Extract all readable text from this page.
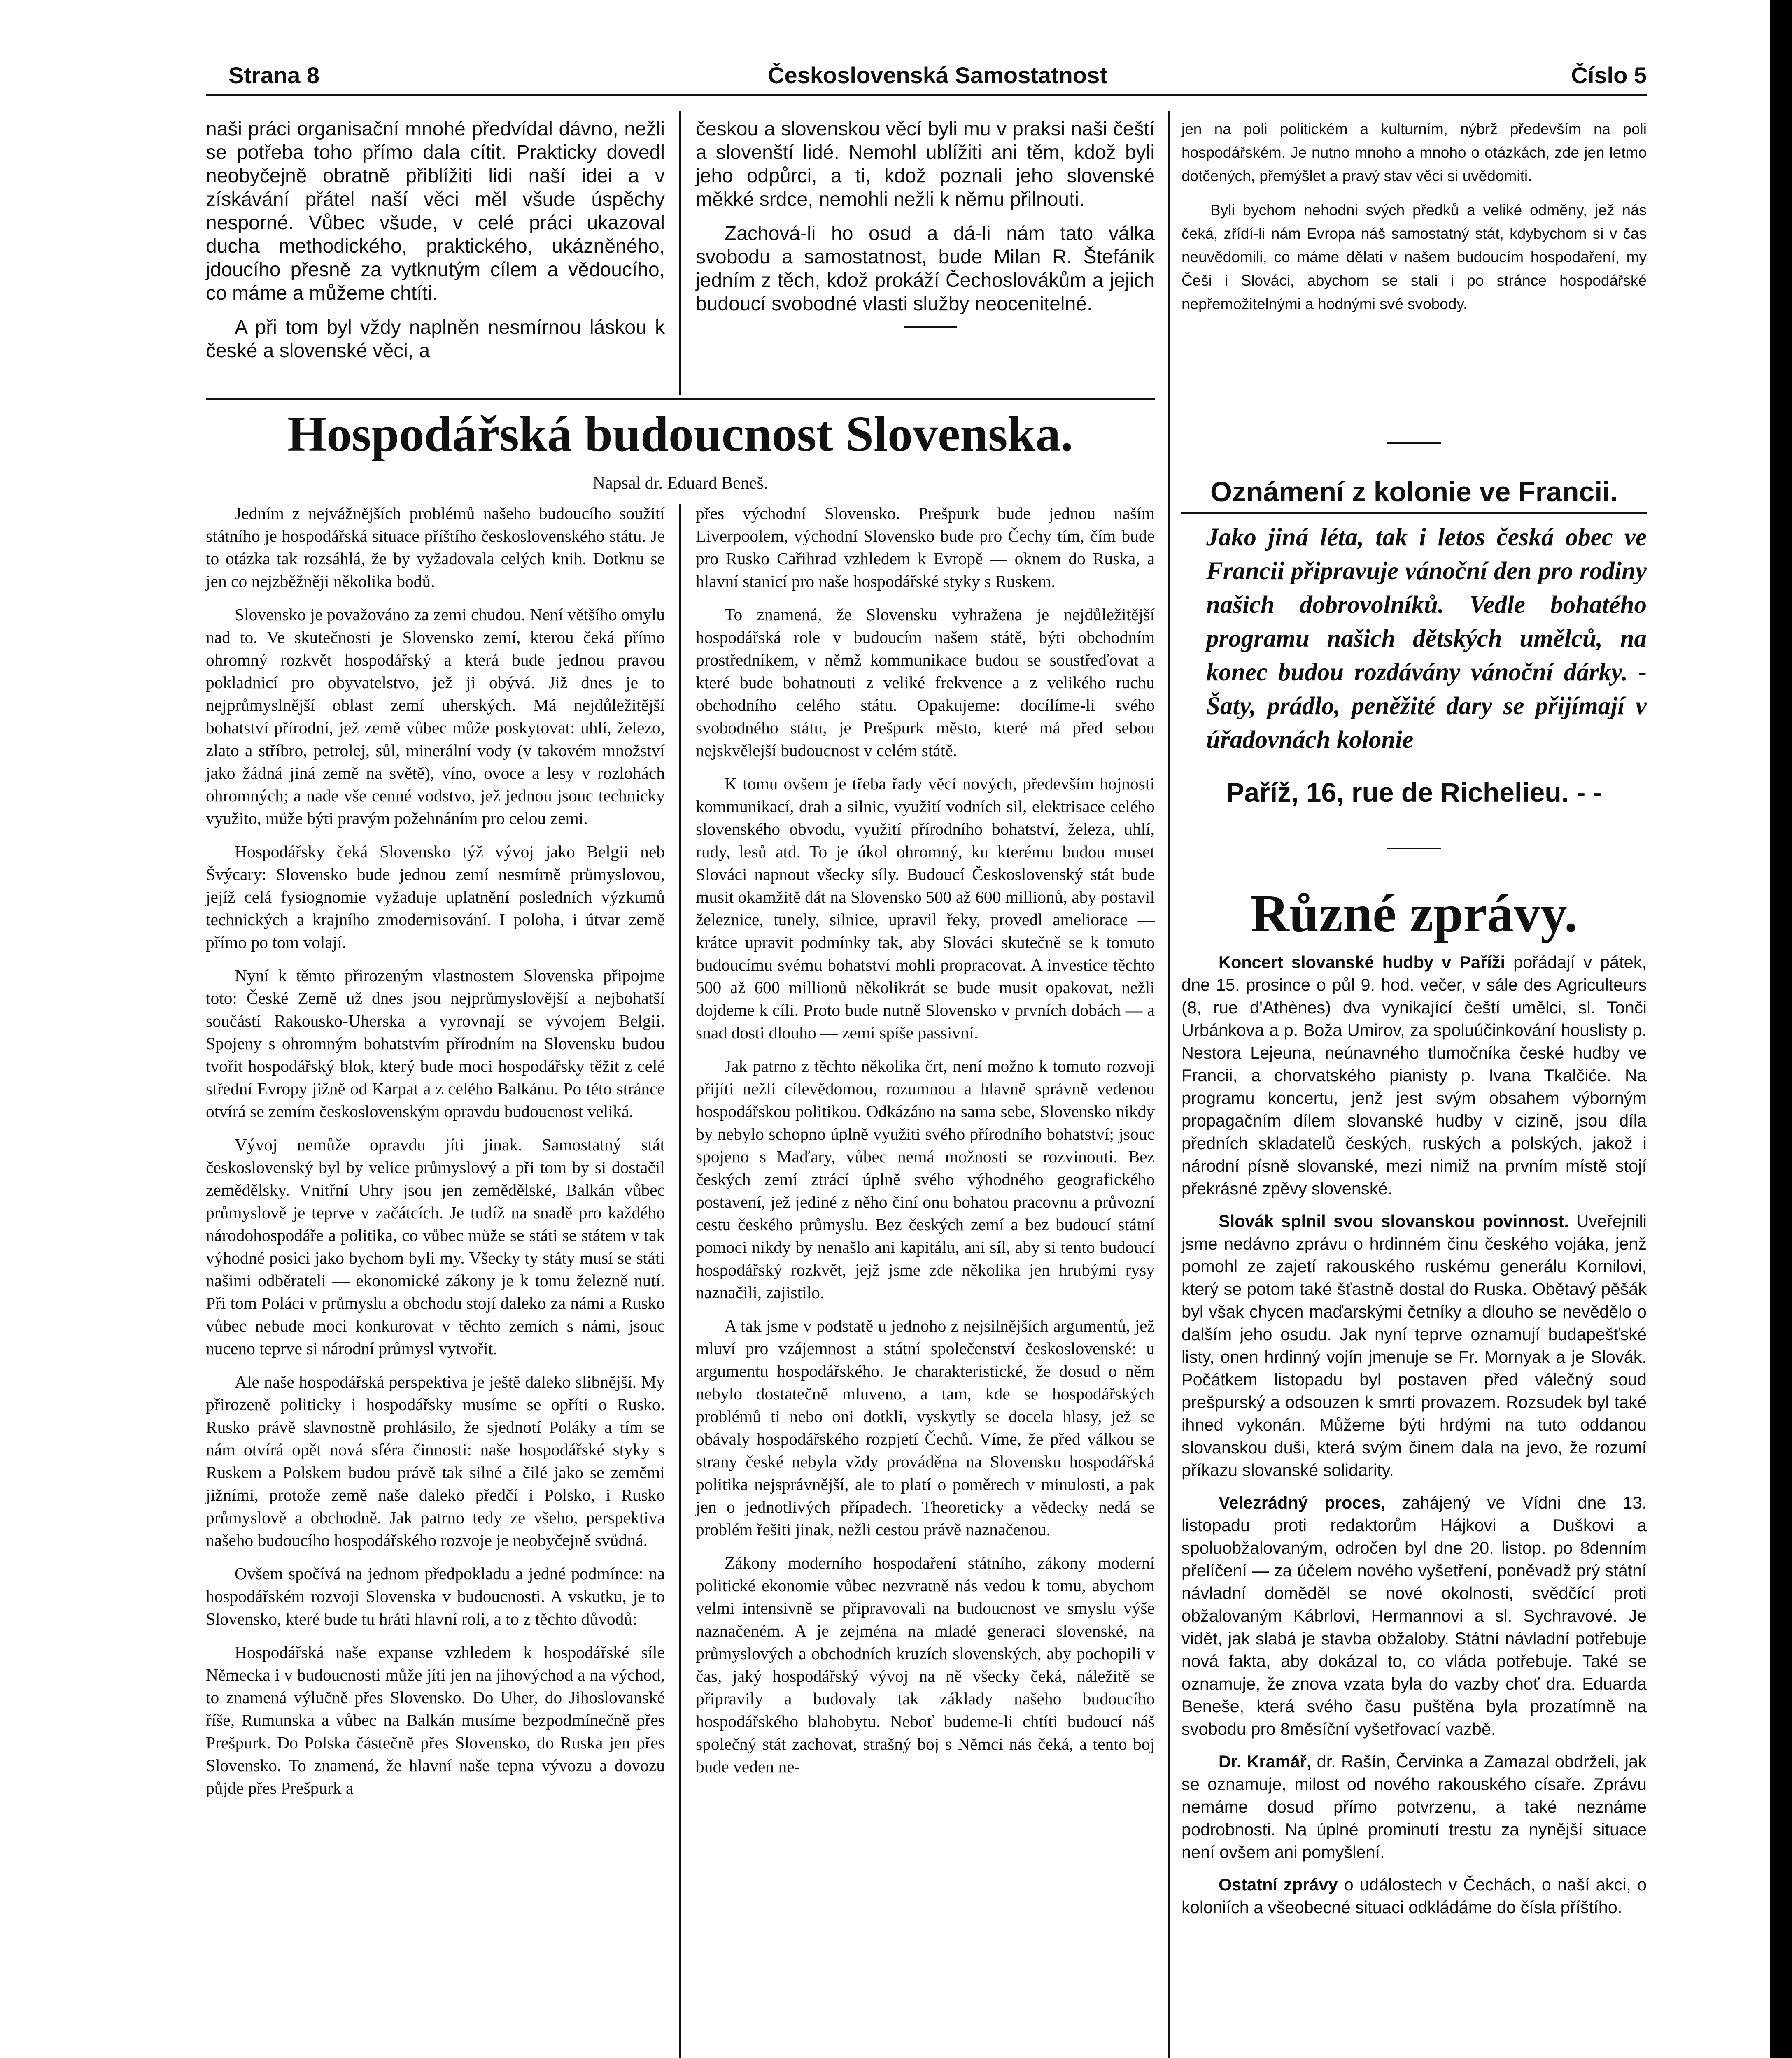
Strana 8	Československá Samostatnost	Číslo 5

naši práci organisační mnohé předvídal dávno, nežli se potřeba toho přímo dala cítit. Prakticky dovedl neobyčejně obratně přiblížiti lidi naší idei a v získávání přátel naší věci měl všude úspěchy nesporné. Vůbec všude, v celé práci ukazoval ducha methodického, praktického, ukázněného, jdoucího přesně za vytknutým cílem a vědoucího, co máme a můžeme chtíti.

A při tom byl vždy naplněn nesmírnou láskou k české a slovenské věci, a

českou a slovenskou věcí byli mu v praksi naši čeští a slovenští lidé. Nemohl ublížiti ani těm, kdož byli jeho odpůrci, a ti, kdož poznali jeho slovenské měkké srdce, nemohli nežli k němu přilnouti.

Zachová-li ho osud a dá-li nám tato válka svobodu a samostatnost, bude Milan R. Štefánik jedním z těch, kdož prokáží Čechoslovákům a jejich budoucí svobodné vlasti služby neocenitelné.

jen na poli politickém a kulturním, nýbrž především na poli hospodářském. Je nutno mnoho a mnoho o otázkách, zde jen letmo dotčených, přemýšlet a pravý stav věci si uvědomiti.

Byli bychom nehodni svých předků a veliké odměny, jež nás čeká, zřídí-li nám Evropa náš samostatný stát, kdybychom si v čas neuvědomili, co máme dělati v našem budoucím hospodaření, my Češi i Slováci, abychom se stali i po stránce hospodářské nepřemožitelnými a hodnými své svobody.

Hospodářská budoucnost Slovenska.
Napsal dr. Eduard Beneš.

Jedním z nejvážnějších problémů našeho budoucího soužití státního je hospodářská situace příštího československého státu. Je to otázka tak rozsáhlá, že by vyžadovala celých knih. Dotknu se jen co nejzběžněji několika bodů.

Slovensko je považováno za zemi chudou. Není většího omylu nad to. Ve skutečnosti je Slovensko zemí, kterou čeká přímo ohromný rozkvět hospodářský a která bude jednou pravou pokladnicí pro obyvatelstvo, jež ji obývá. Již dnes je to nejprůmyslnější oblast zemí uherských. Má nejdůležitější bohatství přírodní, jež země vůbec může poskytovat: uhlí, železo, zlato a stříbro, petrolej, sůl, minerální vody (v takovém množství jako žádná jiná země na světě), víno, ovoce a lesy v rozlohách ohromných; a nade vše cenné vodstvo, jež jednou jsouc technicky využito, může býti pravým požehnáním pro celou zemi.

Hospodářsky čeká Slovensko týž vývoj jako Belgii neb Švýcary: Slovensko bude jednou zemí nesmírně průmyslovou, jejíž celá fysiognomie vyžaduje uplatnění posledních výzkumů technických a krajního zmodernisování. I poloha, i útvar země přímo po tom volají.

Nyní k těmto přirozeným vlastnostem Slovenska připojme toto: České Země už dnes jsou nejprůmyslovější a nejbohatší součástí Rakousko-Uherska a vyrovnají se vývojem Belgii. Spojeny s ohromným bohatstvím přírodním na Slovensku budou tvořit hospodářský blok, který bude moci hospodářsky těžit z celé střední Evropy jižně od Karpat a z celého Balkánu. Po této stránce otvírá se zemím československým opravdu budoucnost veliká.

Vývoj nemůže opravdu jíti jinak. Samostatný stát československý byl by velice průmyslový a při tom by si dostačil zemědělsky. Vnitřní Uhry jsou jen zemědělské, Balkán vůbec průmyslově je teprve v začátcích. Je tudíž na snadě pro každého národohospodáře a politika, co vůbec může se státi se státem v tak výhodné posici jako bychom byli my. Všecky ty státy musí se státi našimi odběrateli — ekonomické zákony je k tomu železně nutí. Při tom Poláci v průmyslu a obchodu stojí daleko za námi a Rusko vůbec nebude moci konkurovat v těchto zemích s námi, jsouc nuceno teprve si národní průmysl vytvořit.

Ale naše hospodářská perspektiva je ještě daleko slibnější. My přirozeně politicky i hospodářsky musíme se opříti o Rusko. Rusko právě slavnostně prohlásilo, že sjednotí Poláky a tím se nám otvírá opět nová sféra činnosti: naše hospodářské styky s Ruskem a Polskem budou právě tak silné a čilé jako se zeměmi jižními, protože země naše daleko předčí i Polsko, i Rusko průmyslově a obchodně. Jak patrno tedy ze všeho, perspektiva našeho budoucího hospodářského rozvoje je neobyčejně svůdná.

Ovšem spočívá na jednom předpokladu a jedné podmínce: na hospodářském rozvoji Slovenska v budoucnosti. A vskutku, je to Slovensko, které bude tu hráti hlavní roli, a to z těchto důvodů:

Hospodářská naše expanse vzhledem k hospodářské síle Německa i v budoucnosti může jíti jen na jihovýchod a na východ, to znamená výlučně přes Slovensko. Do Uher, do Jihoslovanské říše, Rumunska a vůbec na Balkán musíme bezpodmínečně přes Prešpurk. Do Polska částečně přes Slovensko, do Ruska jen přes Slovensko. To znamená, že hlavní naše tepna vývozu a dovozu půjde přes Prešpurk a

přes východní Slovensko. Prešpurk bude jednou naším Liverpoolem, východní Slovensko bude pro Čechy tím, čím bude pro Rusko Cařihrad vzhledem k Evropě — oknem do Ruska, a hlavní stanicí pro naše hospodářské styky s Ruskem.

To znamená, že Slovensku vyhražena je nejdůležitější hospodářská role v budoucím našem státě, býti obchodním prostředníkem, v němž kommunikace budou se soustřeďovat a které bude bohatnouti z veliké frekvence a z velikého ruchu obchodního celého státu. Opakujeme: docílíme-li svého svobodného státu, je Prešpurk město, které má před sebou nejskvělejší budoucnost v celém státě.

K tomu ovšem je třeba řady věcí nových, především hojnosti kommunikací, drah a silnic, využití vodních sil, elektrisace celého slovenského obvodu, využití přírodního bohatství, železa, uhlí, rudy, lesů atd. To je úkol ohromný, ku kterému budou muset Slováci napnout všecky síly. Budoucí Československý stát bude musit okamžitě dát na Slovensko 500 až 600 millionů, aby postavil železnice, tunely, silnice, upravil řeky, provedl amelioracе — krátce upravit podmínky tak, aby Slováci skutečně se k tomuto budoucímu svému bohatství mohli propracovat. A investice těchto 500 až 600 millionů několikrát se bude musit opakovat, nežli dojdeme k cíli. Proto bude nutně Slovensko v prvních dobách — a snad dosti dlouho — zemí spíše passivní.

Jak patrno z těchto několika črt, není možno k tomuto rozvoji přijíti nežli cílevědomou, rozumnou a hlavně správně vedenou hospodářskou politikou. Odkázáno na sama sebe, Slovensko nikdy by nebylo schopno úplně využiti svého přírodního bohatství; jsouc spojeno s Maďary, vůbec nemá možnosti se rozvinouti. Bez českých zemí ztrácí úplně svého výhodného geografického postavení, jež jediné z něho činí onu bohatou pracovnu a průvozní cestu českého průmyslu. Bez českých zemí a bez budoucí státní pomoci nikdy by nenašlo ani kapitálu, ani síl, aby si tento budoucí hospodářský rozkvět, jejž jsme zde několika jen hrubými rysy naznačili, zajistilo.

A tak jsme v podstatě u jednoho z nejsilnějších argumentů, jež mluví pro vzájemnost a státní společenství československé: u argumentu hospodářského. Je charakteristické, že dosud o něm nebylo dostatečně mluveno, a tam, kde se hospodářských problémů ti nebo oni dotkli, vyskytly se docela hlasy, jež se obávaly hospodářského rozpjetí Čechů. Víme, že před válkou se strany české nebyla vždy prováděna na Slovensku hospodářská politika nejsprávnější, ale to platí o poměrech v minulosti, a pak jen o jednotlivých případech. Theoreticky a vědecky nedá se problém řešiti jinak, nežli cestou právě naznačenou.

Zákony moderního hospodaření státního, zákony moderní politické ekonomie vůbec nezvratně nás vedou k tomu, abychom velmi intensivně se připravovali na budoucnost ve smyslu výše naznačeném. A je zejména na mladé generaci slovenské, na průmyslových a obchodních kruzích slovenských, aby pochopili v čas, jaký hospodářský vývoj na ně všecky čeká, náležitě se připravily a budovaly tak základy našeho budoucího hospodářského blahobytu. Neboť budeme-li chtíti budoucí náš společný stát zachovat, strašný boj s Němci nás čeká, a tento boj bude veden ne-

Oznámení z kolonie ve Francii.
Jako jiná léta, tak i letos česká obec ve Francii připravuje vánoční den pro rodiny našich dobrovolníků. Vedle bohatého programu našich dětských umělců, na konec budou rozdávány vánoční dárky. - Šaty, prádlo, peněžité dary se přijímají v úřadovnách kolonie
Paříž, 16, rue de Richelieu. - -
Různé zprávy.

Koncert slovanské hudby v Paříži pořádají v pátek, dne 15. prosince o půl 9. hod. večer, v sále des Agriculteurs (8, rue d'Athènes) dva vynikající čeští umělci, sl. Tonči Urbánkova a p. Boža Umirov, za spoluúčinkování houslisty p. Nestora Lejeuna, neúnavného tlumočníka české hudby ve Francii, a chorvatského pianisty p. Ivana Tkalčiće. Na programu koncertu, jenž jest svým obsahem výborným propagačním dílem slovanské hudby v cizině, jsou díla předních skladatelů českých, ruských a polských, jakož i národní písně slovanské, mezi nimiž na prvním místě stojí překrásné zpěvy slovenské.

Slovák splnil svou slovanskou povinnost. Uveřejnili jsme nedávno zprávu o hrdinném činu českého vojáka, jenž pomohl ze zajetí rakouského ruskému generálu Kornilovi, který se potom také šťastně dostal do Ruska. Obětavý pěšák byl však chycen maďarskými četníky a dlouho se nevědělo o dalším jeho osudu. Jak nyní teprve oznamují budapešťské listy, onen hrdinný vojín jmenuje se Fr. Mornyak a je Slovák. Počátkem listopadu byl postaven před válečný soud prešpurský a odsouzen k smrti provazem. Rozsudek byl také ihned vykonán. Můžeme býti hrdými na tuto oddanou slovanskou duši, která svým činem dala na jevo, že rozumí příkazu slovanské solidarity.

Velezrádný proces, zahájený ve Vídni dne 13. listopadu proti redaktorům Hájkovi a Duškovi a spoluobžalovaným, odročen byl dne 20. listop. po 8denním přelíčení — za účelem nového vyšetření, poněvadž prý státní návladní doměděl se nové okolnosti, svědčící proti obžalovaným Kábrlovi, Hermannovi a sl. Sychravové. Je vidět, jak slabá je stavba obžaloby. Státní návladní potřebuje nová fakta, aby dokázal to, co vláda potřebuje. Také se oznamuje, že znova vzata byla do vazby choť dra. Eduarda Beneše, která svého času puštěna byla prozatímně na svobodu pro 8měsíční vyšetřovací vazbě.

Dr. Kramář, dr. Rašín, Červinka a Zamazal obdrželi, jak se oznamuje, milost od nového rakouského císaře. Zprávu nemáme dosud přímo potvrzenu, a také neznáme podrobnosti. Na úplné prominutí trestu za nynější situace není ovšem ani pomyšlení.

Ostatní zprávy o událostech v Čechách, o naší akci, o koloniích a všeobecné situaci odkládáme do čísla příštího.
